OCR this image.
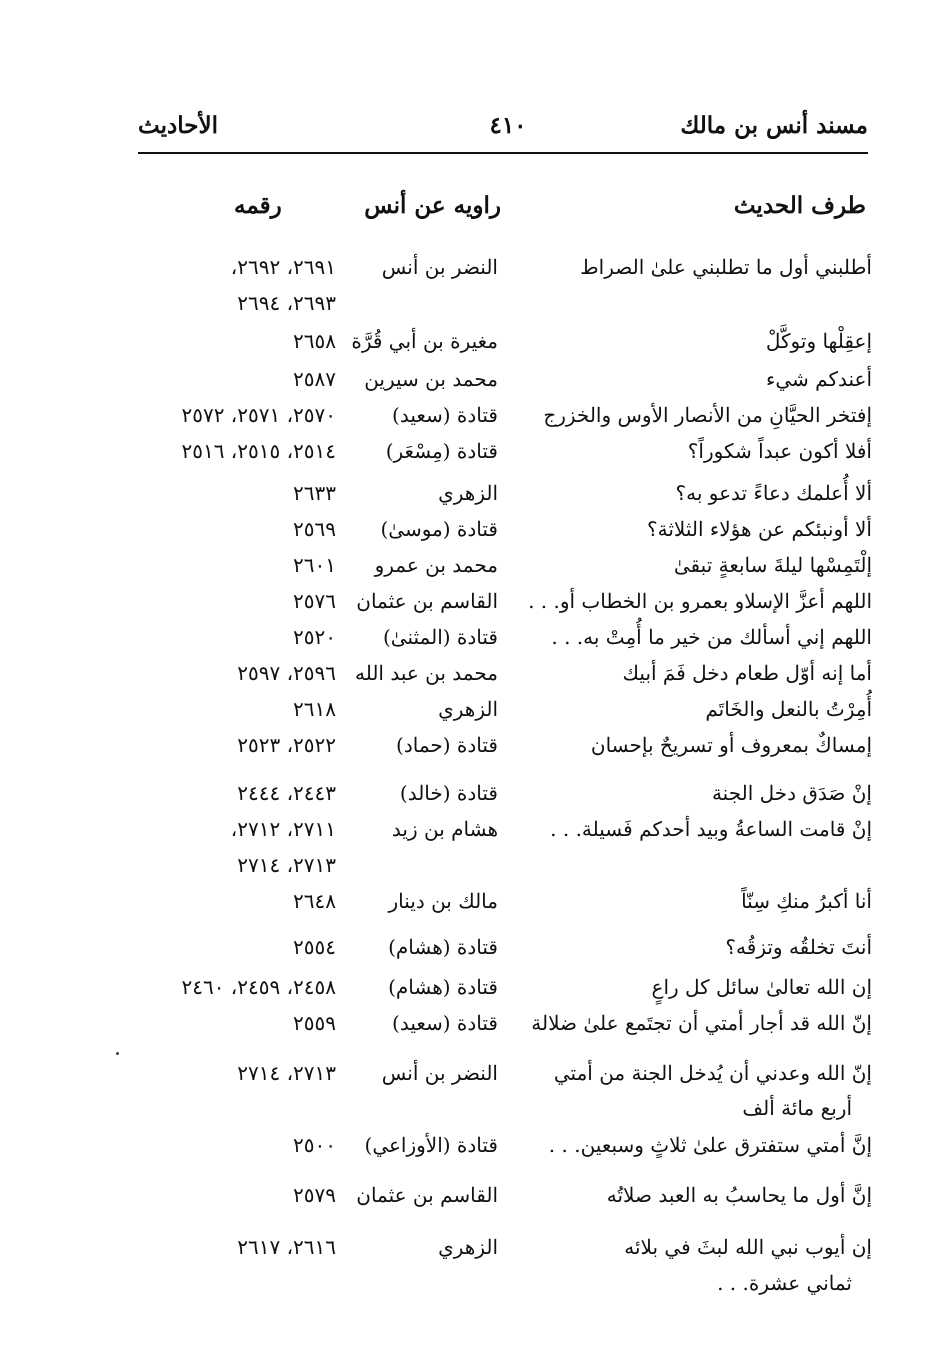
مسند أنس بن مالك
٤١٠
الأحاديث
طرف الحديث
راويه عن أنس
رقمه
أطلبني أول ما تطلبني علىٰ الصراط
النضر بن أنس
٢٦٩١، ٢٦٩٢،
٢٦٩٣، ٢٦٩٤
إعقِلْها وتوكَّلْ
مغيرة بن أبي قُرَّة
٢٦٥٨
أعندكم شيء
محمد بن سيرين
٢٥٨٧
إفتخر الحيَّانِ من الأنصار الأوس والخزرج
قتادة (سعيد)
٢٥٧٠، ٢٥٧١، ٢٥٧٢
أفلا أكون عبداً شكوراً؟
قتادة (مِسْعَر)
٢٥١٤، ٢٥١٥، ٢٥١٦
ألا أُعلمك دعاءً تدعو به؟
الزهري
٢٦٣٣
ألا أونبئكم عن هؤلاء الثلاثة؟
قتادة (موسىٰ)
٢٥٦٩
إلْتَمِسْها ليلةَ سابعةٍ تبقىٰ
محمد بن عمرو
٢٦٠١
اللهم أعزَّ الإسلاو بعمرو بن الخطاب أو. . .
القاسم بن عثمان
٢٥٧٦
اللهم إني أسألك من خير ما أُمِتْ به. . .
قتادة (المثنىٰ)
٢٥٢٠
أما إنه أوّل طعام دخل فَمَ أبيك
محمد بن عبد الله
٢٥٩٦، ٢٥٩٧
أُمِرْتُ بالنعل والخَاتَم
الزهري
٢٦١٨
إمساكٌ بمعروف أو تسريحٌ بإحسان
قتادة (حماد)
٢٥٢٢، ٢٥٢٣
إنْ صَدَق دخل الجنة
قتادة (خالد)
٢٤٤٣، ٢٤٤٤
إنْ قامت الساعةُ وبيد أحدكم فَسيلة. . .
هشام بن زيد
٢٧١١، ٢٧١٢،
٢٧١٣، ٢٧١٤
أنا أكبرُ منكِ سِنّاً
مالك بن دينار
٢٦٤٨
أنتَ تخلقُه وتزقُه؟
قتادة (هشام)
٢٥٥٤
إن الله تعالىٰ سائل كل راعٍ
قتادة (هشام)
٢٤٥٨، ٢٤٥٩، ٢٤٦٠
إنّ الله قد أجار أمتي أن تجتَمع علىٰ ضلالة
قتادة (سعيد)
٢٥٥٩
إنّ الله وعدني أن يُدخل الجنة من أمتي
النضر بن أنس
٢٧١٣، ٢٧١٤
أربع مائة ألف
إنَّ أمتي ستفترق علىٰ ثلاثٍ وسبعين. . .
قتادة (الأوزاعي)
٢٥٠٠
إنَّ أول ما يحاسبُ به العبد صلاتُه
القاسم بن عثمان
٢٥٧٩
إن أيوب نبي الله لبثَ في بلائه
الزهري
٢٦١٦، ٢٦١٧
ثماني عشرة. . .
